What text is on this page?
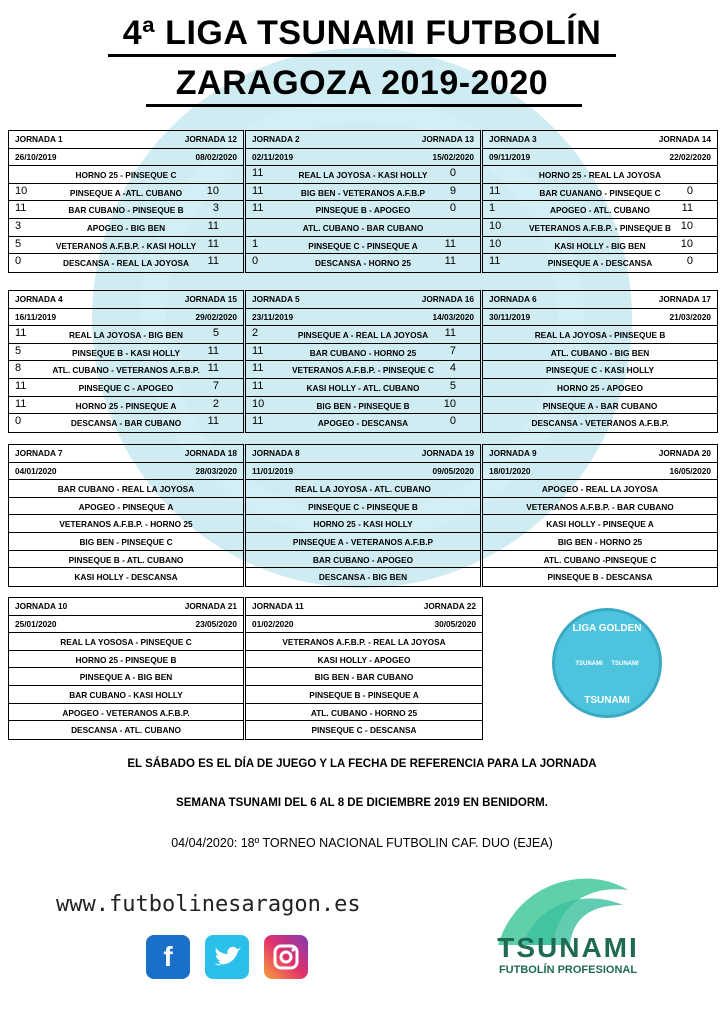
4ª LIGA TSUNAMI FUTBOLÍN
ZARAGOZA 2019-2020
JORNADA 1	JORNADA 12
26/10/2019	08/02/2020
HORNO 25 - PINSEQUE C
10	PINSEQUE A -ATL. CUBANO	10
11	BAR CUBANO - PINSEQUE B	3
3	APOGEO - BIG BEN	11
5	VETERANOS A.F.B.P. - KASI HOLLY	11
0	DESCANSA - REAL LA JOYOSA	11
JORNADA 2	JORNADA 13
02/11/2019	15/02/2020
11	REAL LA JOYOSA - KASI HOLLY	0
11	BIG BEN - VETERANOS A.F.B.P	9
11	PINSEQUE B - APOGEO	0
ATL. CUBANO - BAR CUBANO
1	PINSEQUE C - PINSEQUE A	11
0	DESCANSA - HORNO 25	11
JORNADA 3	JORNADA 14
09/11/2019	22/02/2020
HORNO 25 - REAL LA JOYOSA
11	BAR CUANANO - PINSEQUE C	0
1	APOGEO - ATL. CUBANO	11
10	VETERANOS A.F.B.P. - PINSEQUE B 10
10	KASI HOLLY - BIG BEN	10
11	PINSEQUE A - DESCANSA	0
JORNADA 4	JORNADA 15
16/11/2019	29/02/2020
11	REAL LA JOYOSA - BIG BEN	5
5	PINSEQUE B - KASI HOLLY	11
8	ATL. CUBANO - VETERANOS A.F.B.P. 11
11	PINSEQUE C - APOGEO	7
11	HORNO 25 - PINSEQUE A	2
0	DESCANSA - BAR CUBANO	11
JORNADA 5	JORNADA 16
23/11/2019	14/03/2020
2	PINSEQUE A - REAL LA JOYOSA	11
11	BAR CUBANO - HORNO 25	7
11	VETERANOS A.F.B.P. - PINSEQUE C	4
11	KASI HOLLY - ATL. CUBANO	5
10	BIG BEN - PINSEQUE B	10
11	APOGEO - DESCANSA	0
JORNADA 6	JORNADA 17
30/11/2019	21/03/2020
REAL LA JOYOSA - PINSEQUE B
ATL. CUBANO - BIG BEN
PINSEQUE C - KASI HOLLY
HORNO 25 - APOGEO
PINSEQUE A - BAR CUBANO
DESCANSA - VETERANOS A.F.B.P.
JORNADA 7	JORNADA 18
04/01/2020	28/03/2020
BAR CUBANO - REAL LA JOYOSA
APOGEO - PINSEQUE A
VETERANOS A.F.B.P. - HORNO 25
BIG BEN - PINSEQUE C
PINSEQUE B - ATL. CUBANO
KASI HOLLY - DESCANSA
JORNADA 8	JORNADA 19
11/01/2019	09/05/2020
REAL LA JOYOSA - ATL. CUBANO
PINSEQUE C - PINSEQUE B
HORNO 25 - KASI HOLLY
PINSEQUE A - VETERANOS A.F.B.P
BAR CUBANO - APOGEO
DESCANSA - BIG BEN
JORNADA 9	JORNADA 20
18/01/2020	16/05/2020
APOGEO - REAL LA JOYOSA
VETERANOS A.F.B.P. - BAR CUBANO
KASI HOLLY - PINSEQUE A
BIG BEN - HORNO 25
ATL. CUBANO -PINSEQUE C
PINSEQUE B - DESCANSA
JORNADA 10	JORNADA 21
25/01/2020	23/05/2020
REAL LA YOSOSA - PINSEQUE C
HORNO 25 - PINSEQUE B
PINSEQUE A - BIG BEN
BAR CUBANO - KASI HOLLY
APOGEO - VETERANOS A.F.B.P.
DESCANSA - ATL. CUBANO
JORNADA 11	JORNADA 22
01/02/2020	30/05/2020
VETERANOS A.F.B.P. - REAL LA JOYOSA
KASI HOLLY - APOGEO
BIG BEN - BAR CUBANO
PINSEQUE B - PINSEQUE A
ATL. CUBANO - HORNO 25
PINSEQUE C - DESCANSA
EL SÁBADO ES EL DÍA DE JUEGO Y LA FECHA DE REFERENCIA PARA LA JORNADA
SEMANA TSUNAMI DEL 6 AL 8 DE DICIEMBRE 2019 EN BENIDORM.
04/04/2020: 18º TORNEO NACIONAL FUTBOLIN CAF. DUO (EJEA)
www.futbolinesaragon.es
f
LIGA GOLDEN
TSUNAMI	TSUNAMI
TSUNAMI
TSUNAMI
FUTBOLÍN PROFESIONAL
